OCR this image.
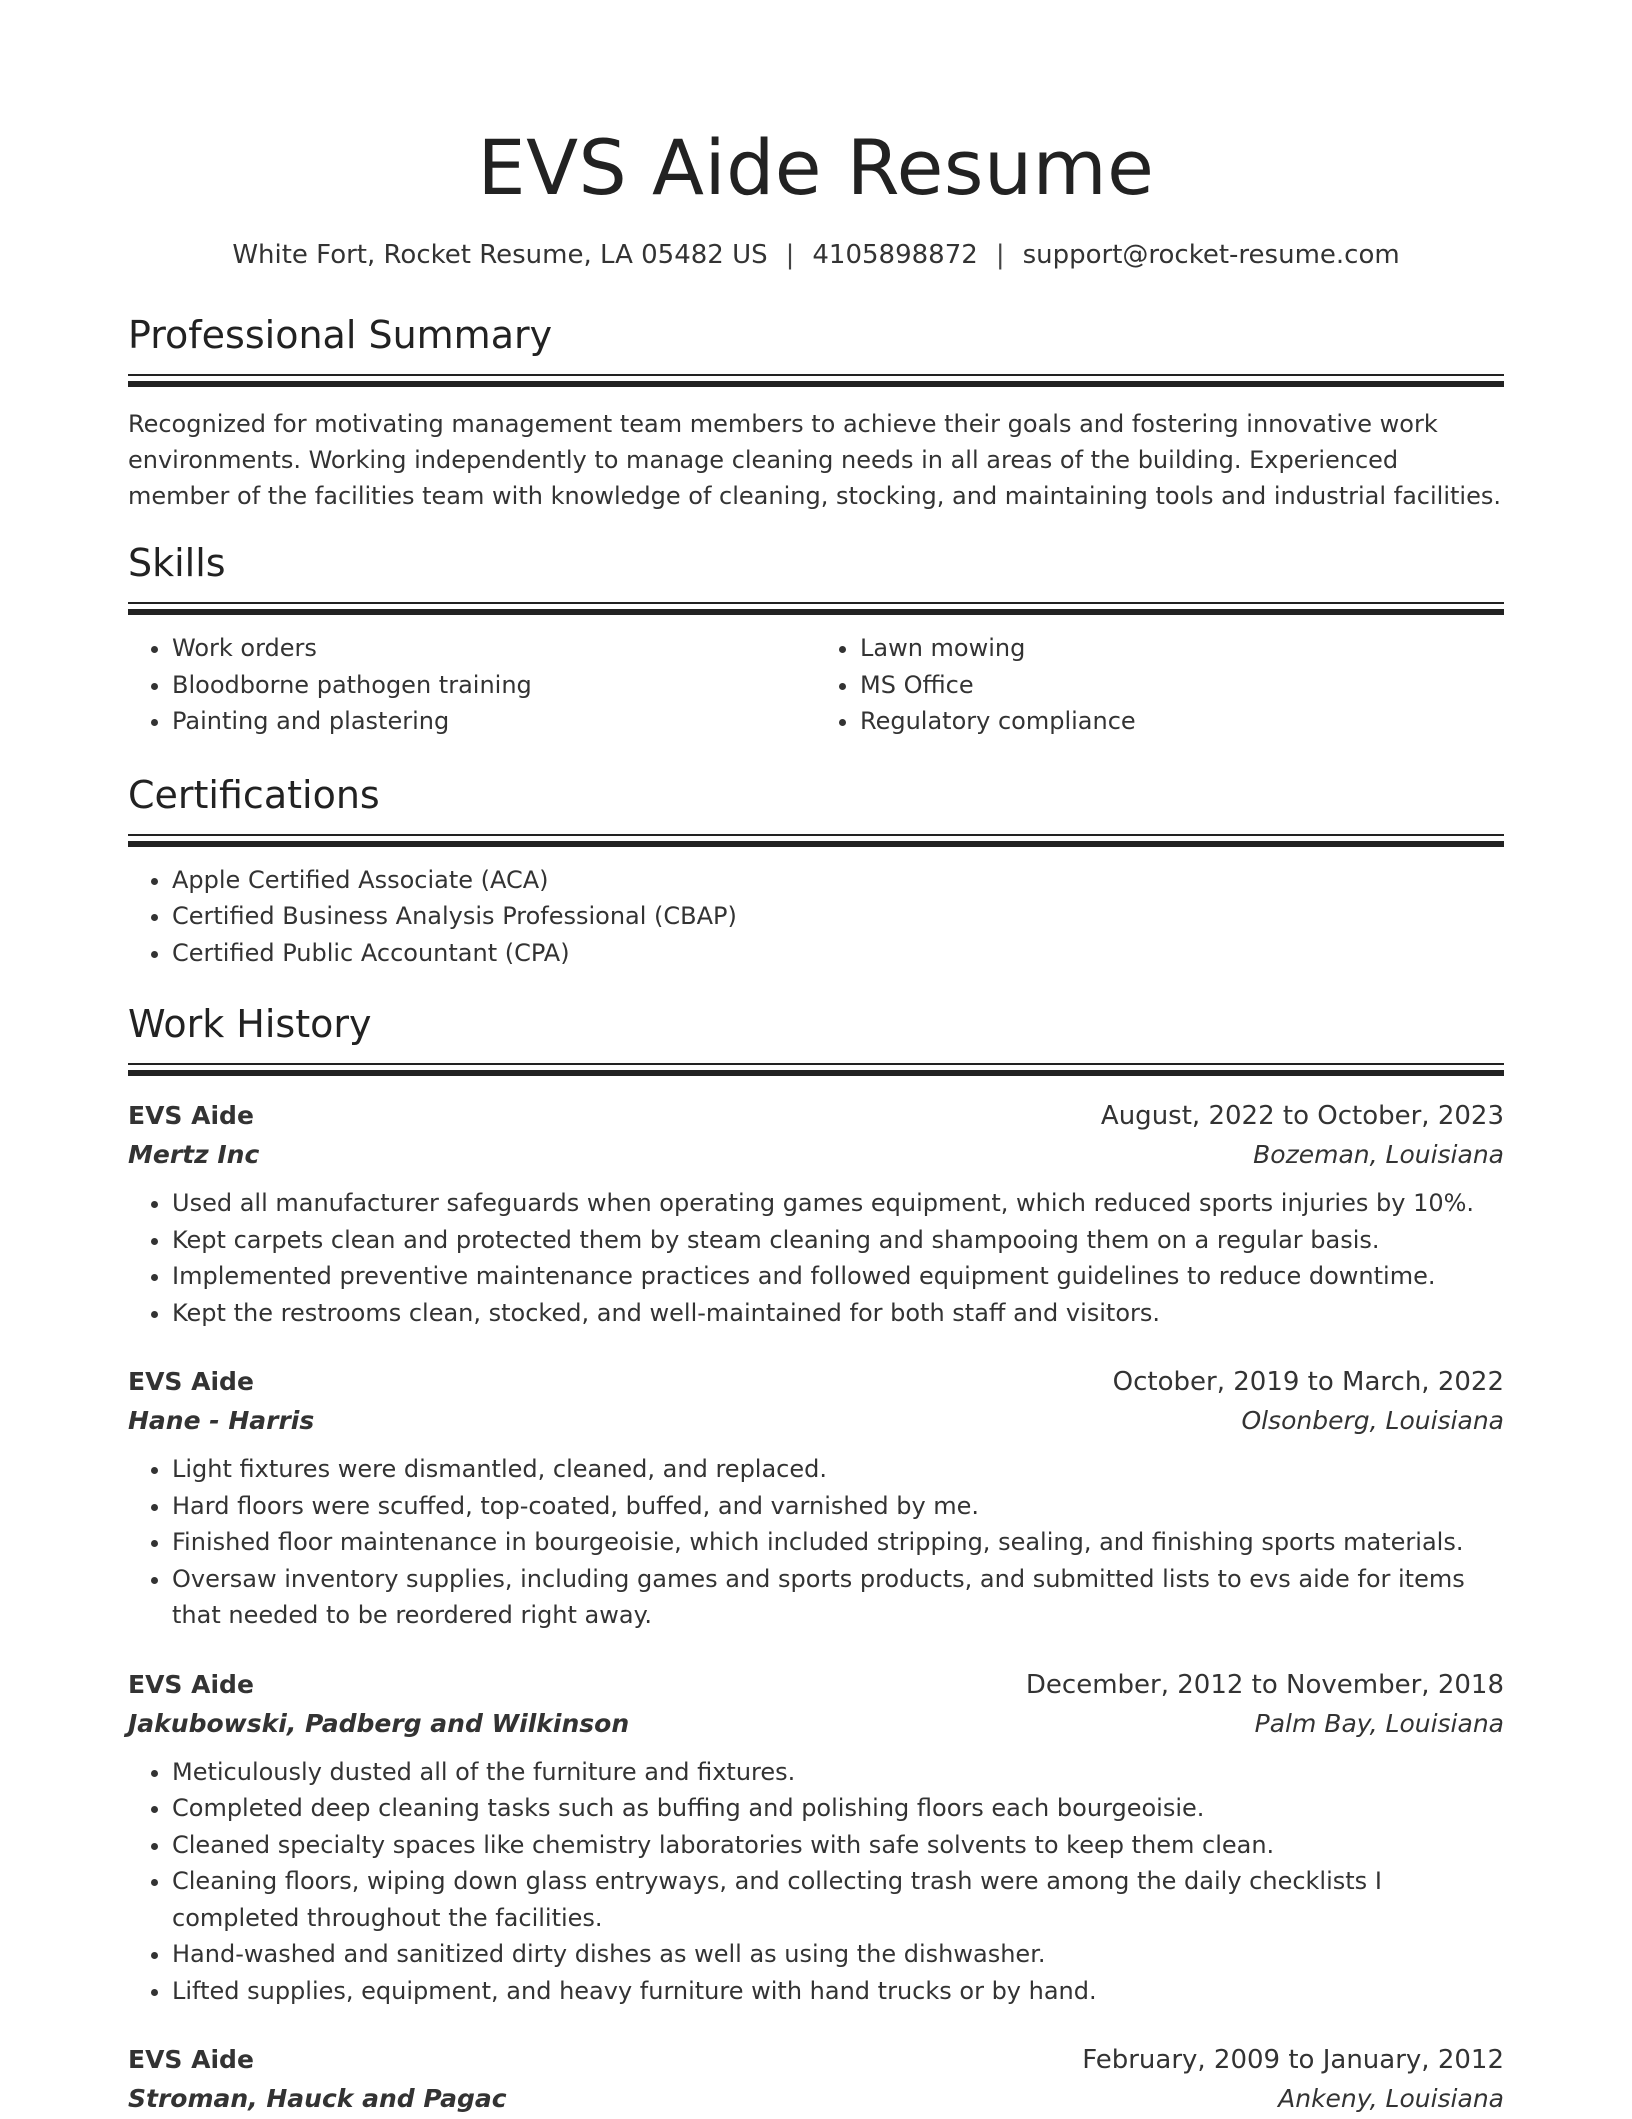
EVS Aide Resume
White Fort, Rocket Resume, LA 05482 US | 4105898872 | support@rocket-resume.com
Professional Summary

Recognized for motivating management team members to achieve their goals and fostering innovative work environments. Working independently to manage cleaning needs in all areas of the building. Experienced member of the facilities team with knowledge of cleaning, stocking, and maintaining tools and industrial facilities.

Skills
• Work orders
• Bloodborne pathogen training
• Painting and plastering
• Lawn mowing
• MS Office
• Regulatory compliance
Certifications
• Apple Certified Associate (ACA)
• Certified Business Analysis Professional (CBAP)
• Certified Public Accountant (CPA)
Work History
EVS Aide	August, 2022 to October, 2023
Mertz Inc	Bozeman, Louisiana
• Used all manufacturer safeguards when operating games equipment, which reduced sports injuries by 10%.
• Kept carpets clean and protected them by steam cleaning and shampooing them on a regular basis.
• Implemented preventive maintenance practices and followed equipment guidelines to reduce downtime.
• Kept the restrooms clean, stocked, and well-maintained for both staff and visitors.
EVS Aide	October, 2019 to March, 2022
Hane - Harris	Olsonberg, Louisiana
• Light fixtures were dismantled, cleaned, and replaced.
• Hard floors were scuffed, top-coated, buffed, and varnished by me.
• Finished floor maintenance in bourgeoisie, which included stripping, sealing, and finishing sports materials.
• Oversaw inventory supplies, including games and sports products, and submitted lists to evs aide for items that needed to be reordered right away.
EVS Aide	December, 2012 to November, 2018
Jakubowski, Padberg and Wilkinson	Palm Bay, Louisiana
• Meticulously dusted all of the furniture and fixtures.
• Completed deep cleaning tasks such as buffing and polishing floors each bourgeoisie.
• Cleaned specialty spaces like chemistry laboratories with safe solvents to keep them clean.
• Cleaning floors, wiping down glass entryways, and collecting trash were among the daily checklists I completed throughout the facilities.
• Hand-washed and sanitized dirty dishes as well as using the dishwasher.
• Lifted supplies, equipment, and heavy furniture with hand trucks or by hand.
EVS Aide	February, 2009 to January, 2012
Stroman, Hauck and Pagac	Ankeny, Louisiana
